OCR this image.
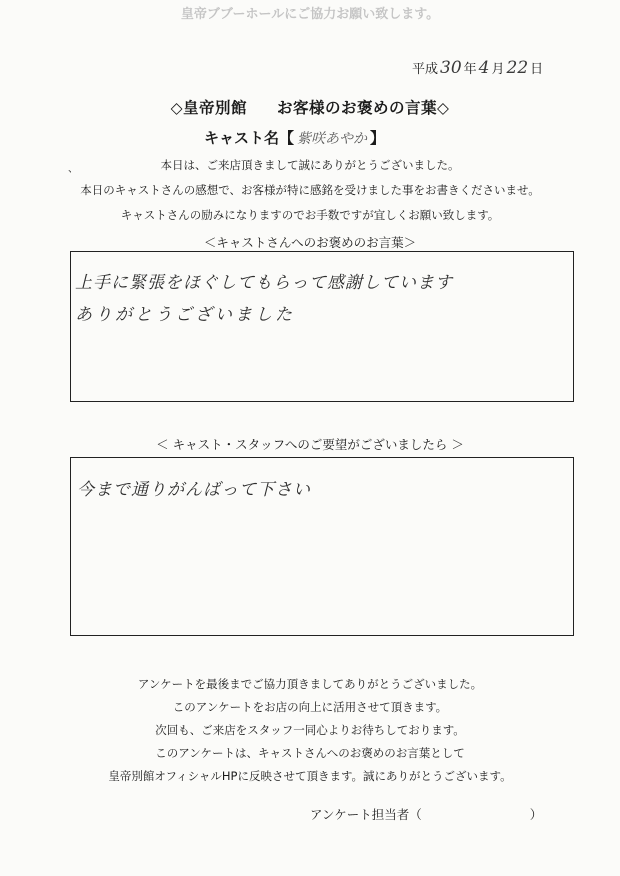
皇帝ブブーホールにご協力お願い致します。
平成 30 年 4 月 22 日
◇皇帝別館 お客様のお褒めの言葉◇
キャスト名【 紫咲あやか 】
、	本日は、ご来店頂きまして誠にありがとうございました。
本日のキャストさんの感想で、お客様が特に感銘を受けました事をお書きくださいませ。
キャストさんの励みになりますのでお手数ですが宜しくお願い致します。
＜キャストさんへのお褒めのお言葉＞
上手に緊張をほぐしてもらって感謝しています
ありがとうございました
＜ キャスト・スタッフへのご要望がございましたら ＞
今まで通りがんばって下さい
アンケートを最後までご協力頂きましてありがとうございました。
このアンケートをお店の向上に活用させて頂きます。
次回も、ご来店をスタッフ一同心よりお待ちしております。
このアンケートは、キャストさんへのお褒めのお言葉として
皇帝別館オフィシャルHPに反映させて頂きます。誠にありがとうございます。
アンケート担当者（	）
